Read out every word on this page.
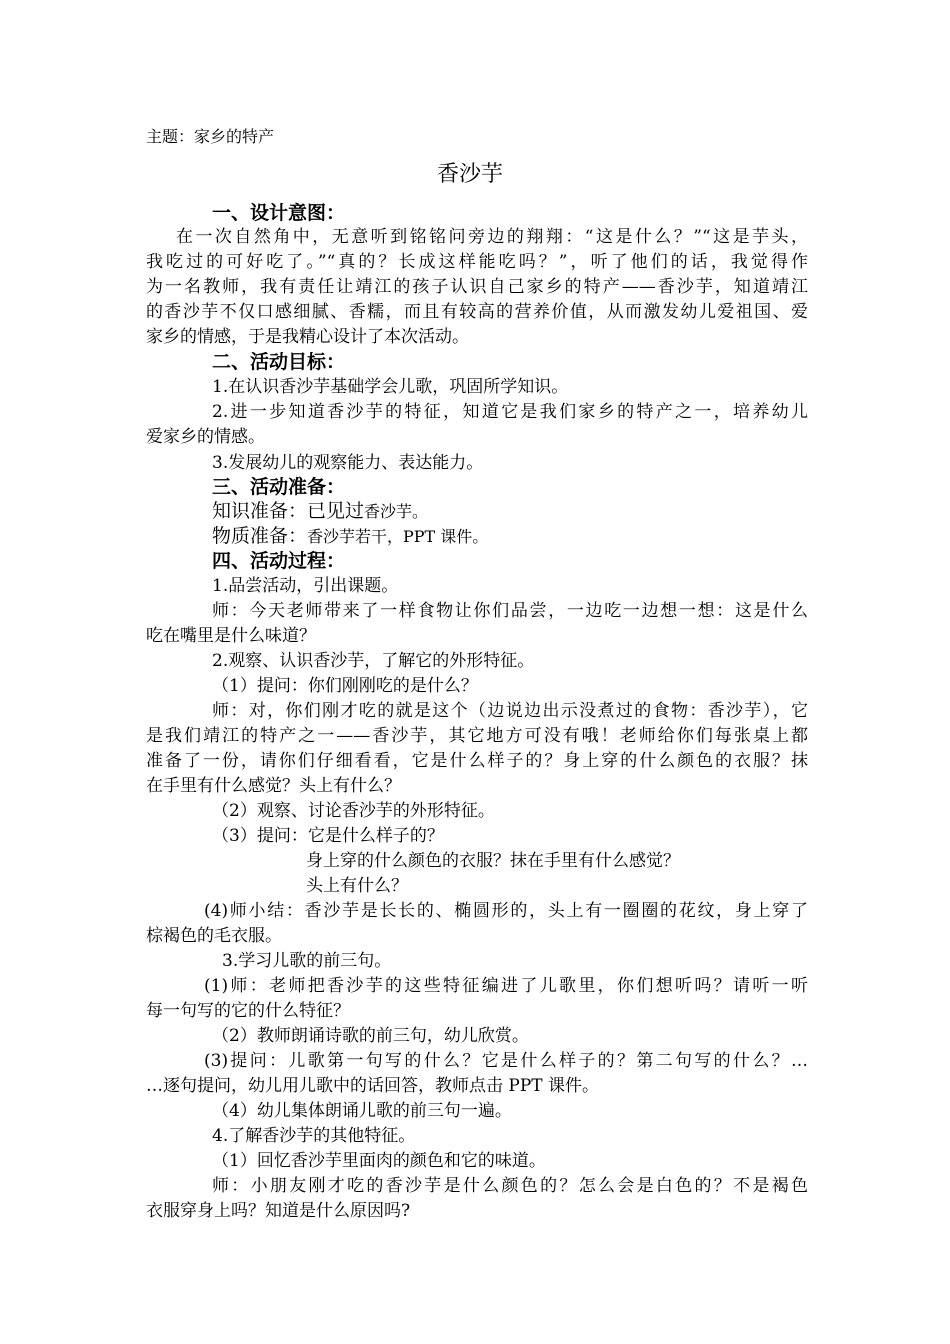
主题：家乡的特产

香沙芋

一、设计意图：

在一次自然角中，无意听到铭铭问旁边的翔翔：“这是什么？”“这是芋头，

我吃过的可好吃了。”“真的？长成这样能吃吗？”，听了他们的话，我觉得作

为一名教师，我有责任让靖江的孩子认识自己家乡的特产——香沙芋，知道靖江

的香沙芋不仅口感细腻、香糯，而且有较高的营养价值，从而激发幼儿爱祖国、爱

家乡的情感，于是我精心设计了本次活动。

二、活动目标：

1.在认识香沙芋基础学会儿歌，巩固所学知识。

2.进一步知道香沙芋的特征，知道它是我们家乡的特产之一，培养幼儿

爱家乡的情感。

3.发展幼儿的观察能力、表达能力。

三、活动准备：

知识准备：已见过香沙芋。

物质准备：香沙芋若干，PPT 课件。

四、活动过程：

1.品尝活动，引出课题。

师：今天老师带来了一样食物让你们品尝，一边吃一边想一想：这是什么

吃在嘴里是什么味道？

2.观察、认识香沙芋，了解它的外形特征。

（1）提问：你们刚刚吃的是什么？

师：对，你们刚才吃的就是这个（边说边出示没煮过的食物：香沙芋），它

是我们靖江的特产之一——香沙芋，其它地方可没有哦！老师给你们每张桌上都

准备了一份，请你们仔细看看，它是什么样子的？身上穿的什么颜色的衣服？抹

在手里有什么感觉？头上有什么？

（2）观察、讨论香沙芋的外形特征。

（3）提问：它是什么样子的？

身上穿的什么颜色的衣服？抹在手里有什么感觉？

头上有什么？

(4)师小结：香沙芋是长长的、椭圆形的，头上有一圈圈的花纹，身上穿了

棕褐色的毛衣服。

3.学习儿歌的前三句。

(1)师：老师把香沙芋的这些特征编进了儿歌里，你们想听吗？请听一听

每一句写的它的什么特征？

（2）教师朗诵诗歌的前三句，幼儿欣赏。

(3)提问：儿歌第一句写的什么？它是什么样子的？第二句写的什么？…

…逐句提问，幼儿用儿歌中的话回答，教师点击 PPT 课件。

（4）幼儿集体朗诵儿歌的前三句一遍。

4.了解香沙芋的其他特征。

（1）回忆香沙芋里面肉的颜色和它的味道。

师：小朋友刚才吃的香沙芋是什么颜色的？怎么会是白色的？不是褐色

衣服穿身上吗？知道是什么原因吗?
